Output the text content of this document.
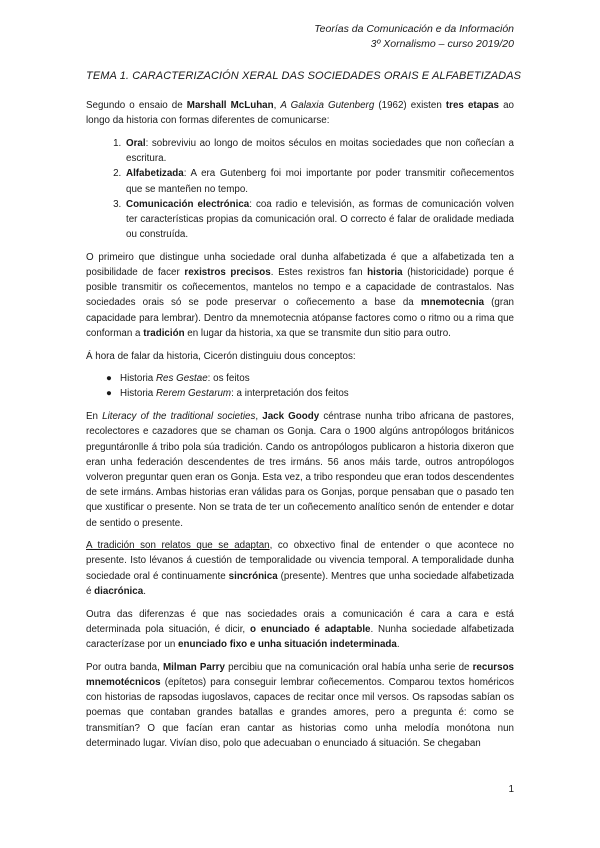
Teorías da Comunicación e da Información
3º Xornalismo – curso 2019/20
TEMA 1. CARACTERIZACIÓN XERAL DAS SOCIEDADES ORAIS E ALFABETIZADAS

Segundo o ensaio de Marshall McLuhan, A Galaxia Gutenberg (1962) existen tres etapas ao longo da historia con formas diferentes de comunicarse:

1. Oral: sobreviviu ao longo de moitos séculos en moitas sociedades que non coñecían a escritura.
2. Alfabetizada: A era Gutenberg foi moi importante por poder transmitir coñecementos que se manteñen no tempo.
3. Comunicación electrónica: coa radio e televisión, as formas de comunicación volven ter características propias da comunicación oral. O correcto é falar de oralidade mediada ou construída.

O primeiro que distingue unha sociedade oral dunha alfabetizada é que a alfabetizada ten a posibilidade de facer rexistros precisos. Estes rexistros fan historia (historicidade) porque é posible transmitir os coñecementos, mantelos no tempo e a capacidade de contrastalos. Nas sociedades orais só se pode preservar o coñecemento a base da mnemotecnia (gran capacidade para lembrar). Dentro da mnemotecnia atópanse factores como o ritmo ou a rima que conforman a tradición en lugar da historia, xa que se transmite dun sitio para outro.

Á hora de falar da historia, Cicerón distinguiu dous conceptos:

● Historia Res Gestae: os feitos
● Historia Rerem Gestarum: a interpretación dos feitos

En Literacy of the traditional societies, Jack Goody céntrase nunha tribo africana de pastores, recolectores e cazadores que se chaman os Gonja. Cara o 1900 algúns antropólogos británicos preguntáronlle á tribo pola súa tradición. Cando os antropólogos publicaron a historia dixeron que eran unha federación descendentes de tres irmáns. 56 anos máis tarde, outros antropólogos volveron preguntar quen eran os Gonja. Esta vez, a tribo respondeu que eran todos descendentes de sete irmáns. Ambas historias eran válidas para os Gonjas, porque pensaban que o pasado ten que xustificar o presente. Non se trata de ter un coñecemento analítico senón de entender e dotar de sentido o presente.

A tradición son relatos que se adaptan, co obxectivo final de entender o que acontece no presente. Isto lévanos á cuestión de temporalidade ou vivencia temporal. A temporalidade dunha sociedade oral é continuamente sincrónica (presente). Mentres que unha sociedade alfabetizada é diacrónica.

Outra das diferenzas é que nas sociedades orais a comunicación é cara a cara e está determinada pola situación, é dicir, o enunciado é adaptable. Nunha sociedade alfabetizada caracterízase por un enunciado fixo e unha situación indeterminada.

Por outra banda, Milman Parry percibiu que na comunicación oral había unha serie de recursos mnemotécnicos (epítetos) para conseguir lembrar coñecementos. Comparou textos homéricos con historias de rapsodas iugoslavos, capaces de recitar once mil versos. Os rapsodas sabían os poemas que contaban grandes batallas e grandes amores, pero a pregunta é: como se transmitían? O que facían eran cantar as historias como unha melodía monótona nun determinado lugar. Vivían diso, polo que adecuaban o enunciado á situación. Se chegaban

1
